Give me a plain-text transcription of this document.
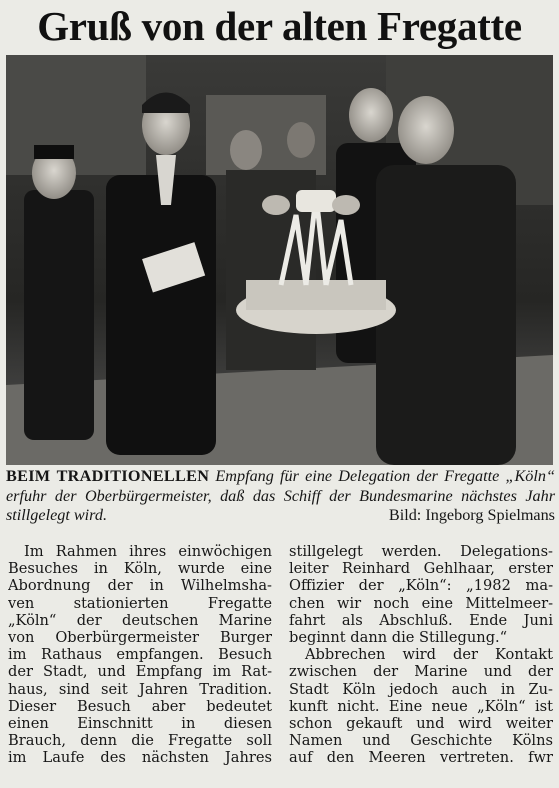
Gruß von der alten Fregatte
BEIM TRADITIONELLEN Empfang für eine Delegation der Fregatte „Köln“ erfuhr der Oberbürgermeister, daß das Schiff der Bundesmarine nächstes Jahr stillgelegt wird.	Bild: Ingeborg Spielmans
Im Rahmen ihres einwöchigen
Besuches in Köln, wurde eine
Abordnung der in Wilhelmsha-
ven stationierten Fregatte
„Köln“ der deutschen Marine
von Oberbürgermeister Burger
im Rathaus empfangen. Besuch
der Stadt, und Empfang im Rat-
haus, sind seit Jahren Tradition.
Dieser Besuch aber bedeutet
einen Einschnitt in diesen
Brauch, denn die Fregatte soll
im Laufe des nächsten Jahres
stillgelegt werden. Delegations-
leiter Reinhard Gehlhaar, erster
Offizier der „Köln“: „1982 ma-
chen wir noch eine Mittelmeer-
fahrt als Abschluß. Ende Juni
beginnt dann die Stillegung.“
Abbrechen wird der Kontakt
zwischen der Marine und der
Stadt Köln jedoch auch in Zu-
kunft nicht. Eine neue „Köln“ ist
schon gekauft und wird weiter
Namen und Geschichte Kölns
auf den Meeren vertreten. fwr
